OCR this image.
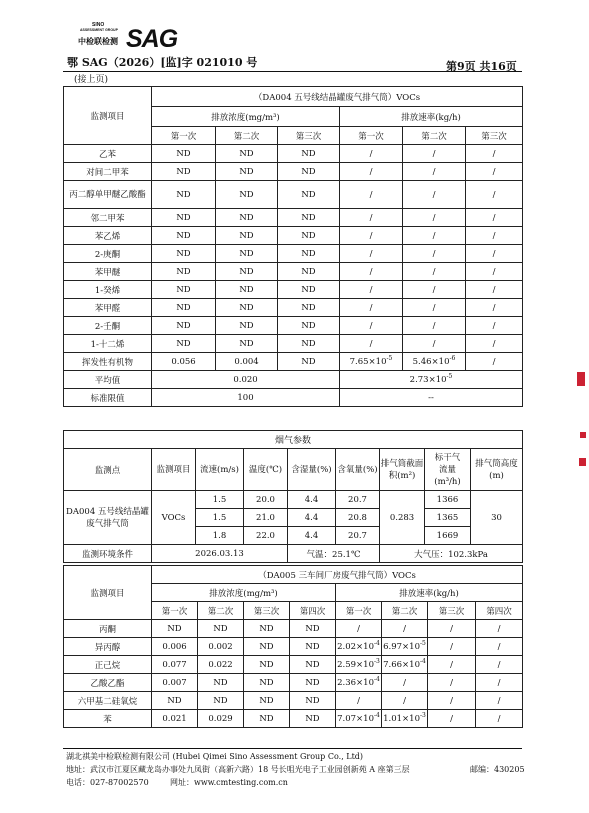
SINO
ASSESSMENT GROUP
中检联检测 SAG
鄂 SAG（2026）[监]字 021010 号	第9页 共16页
(接上页)
监测项目	（DA004 五号线结晶罐废气排气筒）VOCs					
	排放浓度(mg/m³)			排放速率(kg/h)		
	第一次	第二次	第三次	第一次	第二次	第三次
乙苯	ND	ND	ND	/	/	/
对间二甲苯	ND	ND	ND	/	/	/
丙二醇单甲醚乙酸酯	ND	ND	ND	/	/	/
邻二甲苯	ND	ND	ND	/	/	/
苯乙烯	ND	ND	ND	/	/	/
2-庚酮	ND	ND	ND	/	/	/
苯甲醚	ND	ND	ND	/	/	/
1-癸烯	ND	ND	ND	/	/	/
苯甲醛	ND	ND	ND	/	/	/
2-壬酮	ND	ND	ND	/	/	/
1-十二烯	ND	ND	ND	/	/	/
挥发性有机物	0.056	0.004	ND	$7.65\times 10^{-5}$	$5.46\times 10^{-6}$	/
平均值	0.020			$2.73\times 10^{-5}$
标准限值	100			--		
烟气参数								
监测点	监测项目	流速(m/s)	温度(℃)	含湿量(%)	含氧量(%)	排气筒截面积(m²)	标干气
流量
(m³/h)	排气筒高度(m)
DA004 五号线结晶罐废气排气筒	VOCs	1.5	20.0	4.4	20.7	0.283	1366	30
		1.5	21.0	4.4	20.8		1365	
		1.8	22.0	4.4	20.7		1669	
监测环境条件	2026.03.13			气温：25.1℃		大气压：102.3kPa		
监测项目	（DA005 三车间厂房废气排气筒）VOCs							
	排放浓度(mg/m³)				排放速率(kg/h)			
	第一次	第二次	第三次	第四次	第一次	第二次	第三次	第四次
丙酮	ND	ND	ND	ND	/	/	/	/
异丙醇	0.006	0.002	ND	ND	$2.02\times 10^{-4}$	$6.97\times 10^{-5}$	/	/
正己烷	0.077	0.022	ND	ND	$2.59\times 10^{-3}$	$7.66\times 10^{-4}$	/	/
乙酸乙酯	0.007	ND	ND	ND	$2.36\times 10^{-4}$	/	/	/
六甲基二硅氧烷	ND	ND	ND	ND	/	/	/	/
苯	0.021	0.029	ND	ND	$7.07\times 10^{-4}$	$1.01\times 10^{-3}$	/	/
湖北祺美中检联检测有限公司 (Hubei Qimei Sino Assessment Group Co., Ltd)
地址：武汉市江夏区藏龙岛办事处九凤街（高新六路）18 号长咀光电子工业园创新苑 A 座第三层	邮编：430205
电话：027-87002570	网址：www.cmtesting.com.cn
